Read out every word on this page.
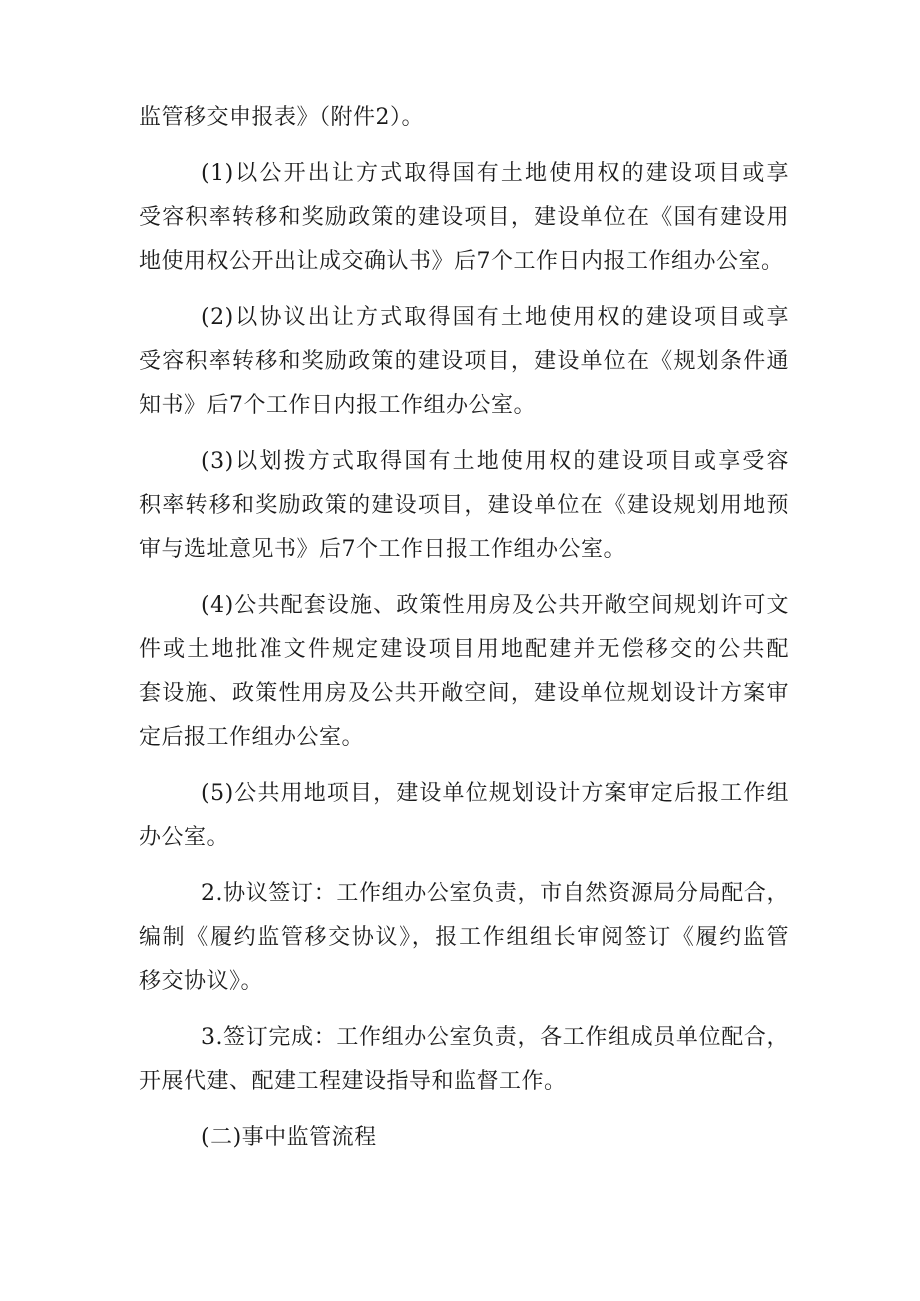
监管移交申报表》（附件2）。
(1)以公开出让方式取得国有土地使用权的建设项目或享
受容积率转移和奖励政策的建设项目，建设单位在《国有建设用
地使用权公开出让成交确认书》后7个工作日内报工作组办公室。
(2)以协议出让方式取得国有土地使用权的建设项目或享
受容积率转移和奖励政策的建设项目，建设单位在《规划条件通
知书》后7个工作日内报工作组办公室。
(3)以划拨方式取得国有土地使用权的建设项目或享受容
积率转移和奖励政策的建设项目，建设单位在《建设规划用地预
审与选址意见书》后7个工作日报工作组办公室。
(4)公共配套设施、政策性用房及公共开敞空间规划许可文
件或土地批准文件规定建设项目用地配建并无偿移交的公共配
套设施、政策性用房及公共开敞空间，建设单位规划设计方案审
定后报工作组办公室。
(5)公共用地项目，建设单位规划设计方案审定后报工作组
办公室。
2.协议签订：工作组办公室负责，市自然资源局分局配合，
编制《履约监管移交协议》，报工作组组长审阅签订《履约监管
移交协议》。
3.签订完成：工作组办公室负责，各工作组成员单位配合，
开展代建、配建工程建设指导和监督工作。
(二)事中监管流程
